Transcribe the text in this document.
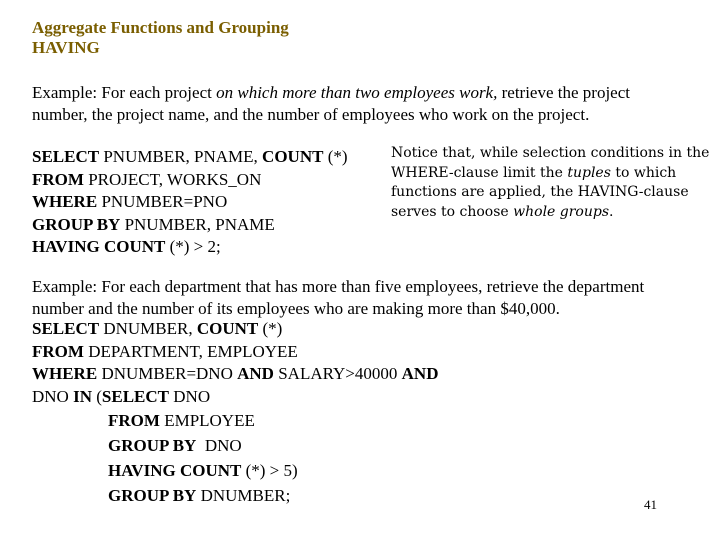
Aggregate Functions and Grouping
HAVING
Example: For each project on which more than two employees work, retrieve the project
number, the project name, and the number of employees who work on the project.
SELECT PNUMBER, PNAME, COUNT (*)
FROM PROJECT, WORKS_ON
WHERE PNUMBER=PNO
GROUP BY PNUMBER, PNAME
HAVING COUNT (*) > 2;
Notice that, while selection conditions in the
WHERE-clause limit the tuples to which
functions are applied, the HAVING-clause
serves to choose whole groups.
Example: For each department that has more than five employees, retrieve the department
number and the number of its employees who are making more than $40,000.
SELECT DNUMBER, COUNT (*)
FROM DEPARTMENT, EMPLOYEE
WHERE DNUMBER=DNO AND SALARY>40000 AND
DNO IN (SELECT DNO
FROM EMPLOYEE
GROUP BY  DNO
HAVING COUNT (*) > 5)
GROUP BY DNUMBER;	41
